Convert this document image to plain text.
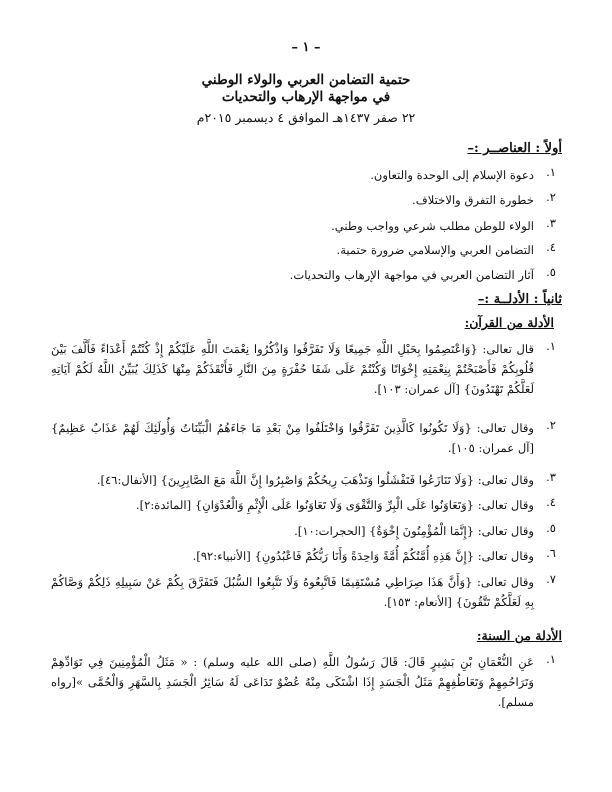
– ١ –
حتمية التضامن العربي والولاء الوطني
في مواجهة الإرهاب والتحديات
٢٢ صفر ١٤٣٧هـ الموافق ٤ ديسمبر ٢٠١٥م
أولاً : العناصــر :–
١.
دعوة الإسلام إلى الوحدة والتعاون.
٢.
خطورة التفرق والاختلاف.
٣.
الولاء للوطن مطلب شرعي وواجب وطني.
٤.
التضامن العربي والإسلامي ضرورة حتمية.
٥.
آثار التضامن العربي في مواجهة الإرهاب والتحديات.
ثانياً : الأدلــة :–
الأدلة من القرآن:
١.
قال تعالى: {وَاعْتَصِمُوا بِحَبْلِ اللَّهِ جَمِيعًا وَلَا تَفَرَّقُوا وَاذْكُرُوا نِعْمَتَ اللَّهِ عَلَيْكُمْ إِذْ كُنْتُمْ أَعْدَاءً فَأَلَّفَ بَيْنَ قُلُوبِكُمْ فَأَصْبَحْتُمْ بِنِعْمَتِهِ إِخْوَانًا وَكُنْتُمْ عَلَى شَفَا حُفْرَةٍ مِنَ النَّارِ فَأَنْقَذَكُمْ مِنْهَا كَذَلِكَ يُبَيِّنُ اللَّهُ لَكُمْ آيَاتِهِ لَعَلَّكُمْ تَهْتَدُونَ} [آل عمران: ١٠٣].
٢.
وقال تعالى: {وَلَا تَكُونُوا كَالَّذِينَ تَفَرَّقُوا وَاخْتَلَفُوا مِنْ بَعْدِ مَا جَاءَهُمُ الْبَيِّنَاتُ وَأُولَئِكَ لَهُمْ عَذَابٌ عَظِيمٌ} [آل عمران: ١٠٥].
٣.
وقال تعالى: {وَلَا تَنَازَعُوا فَتَفْشَلُوا وَتَذْهَبَ رِيحُكُمْ وَاصْبِرُوا إِنَّ اللَّهَ مَعَ الصَّابِرِينَ} [الأنفال:٤٦].
٤.
وقال تعالى: {وَتَعَاوَنُوا عَلَى الْبِرِّ وَالتَّقْوَى وَلَا تَعَاوَنُوا عَلَى الْإِثْمِ وَالْعُدْوَانِ} [المائدة:٢].
٥.
وقال تعالى: {إِنَّمَا الْمُؤْمِنُونَ إِخْوَةٌ} [الحجرات:١٠].
٦.
وقال تعالى: {إِنَّ هَذِهِ أُمَّتُكُمْ أُمَّةً وَاحِدَةً وَأَنَا رَبُّكُمْ فَاعْبُدُونِ} [الأنبياء:٩٢].
٧.
وقال تعالى: {وَأَنَّ هَذَا صِرَاطِي مُسْتَقِيمًا فَاتَّبِعُوهُ وَلَا تَتَّبِعُوا السُّبُلَ فَتَفَرَّقَ بِكُمْ عَنْ سَبِيلِهِ ذَلِكُمْ وَصَّاكُمْ بِهِ لَعَلَّكُمْ تَتَّقُونَ} [الأنعام: ١٥٣].
الأدلة من السنة:
١.
عَنِ النُّعْمَانِ بْنِ بَشِيرٍ قَالَ: قَالَ رَسُولُ اللَّهِ (صلى الله عليه وسلم) : « مَثَلُ الْمُؤْمِنِينَ فِي تَوَادِّهِمْ وَتَرَاحُمِهِمْ وَتَعَاطُفِهِمْ مَثَلُ الْجَسَدِ إِذَا اشْتَكَى مِنْهُ عُضْوٌ تَدَاعَى لَهُ سَائِرُ الْجَسَدِ بِالسَّهَرِ وَالْحُمَّى »[رواه مسلم].
